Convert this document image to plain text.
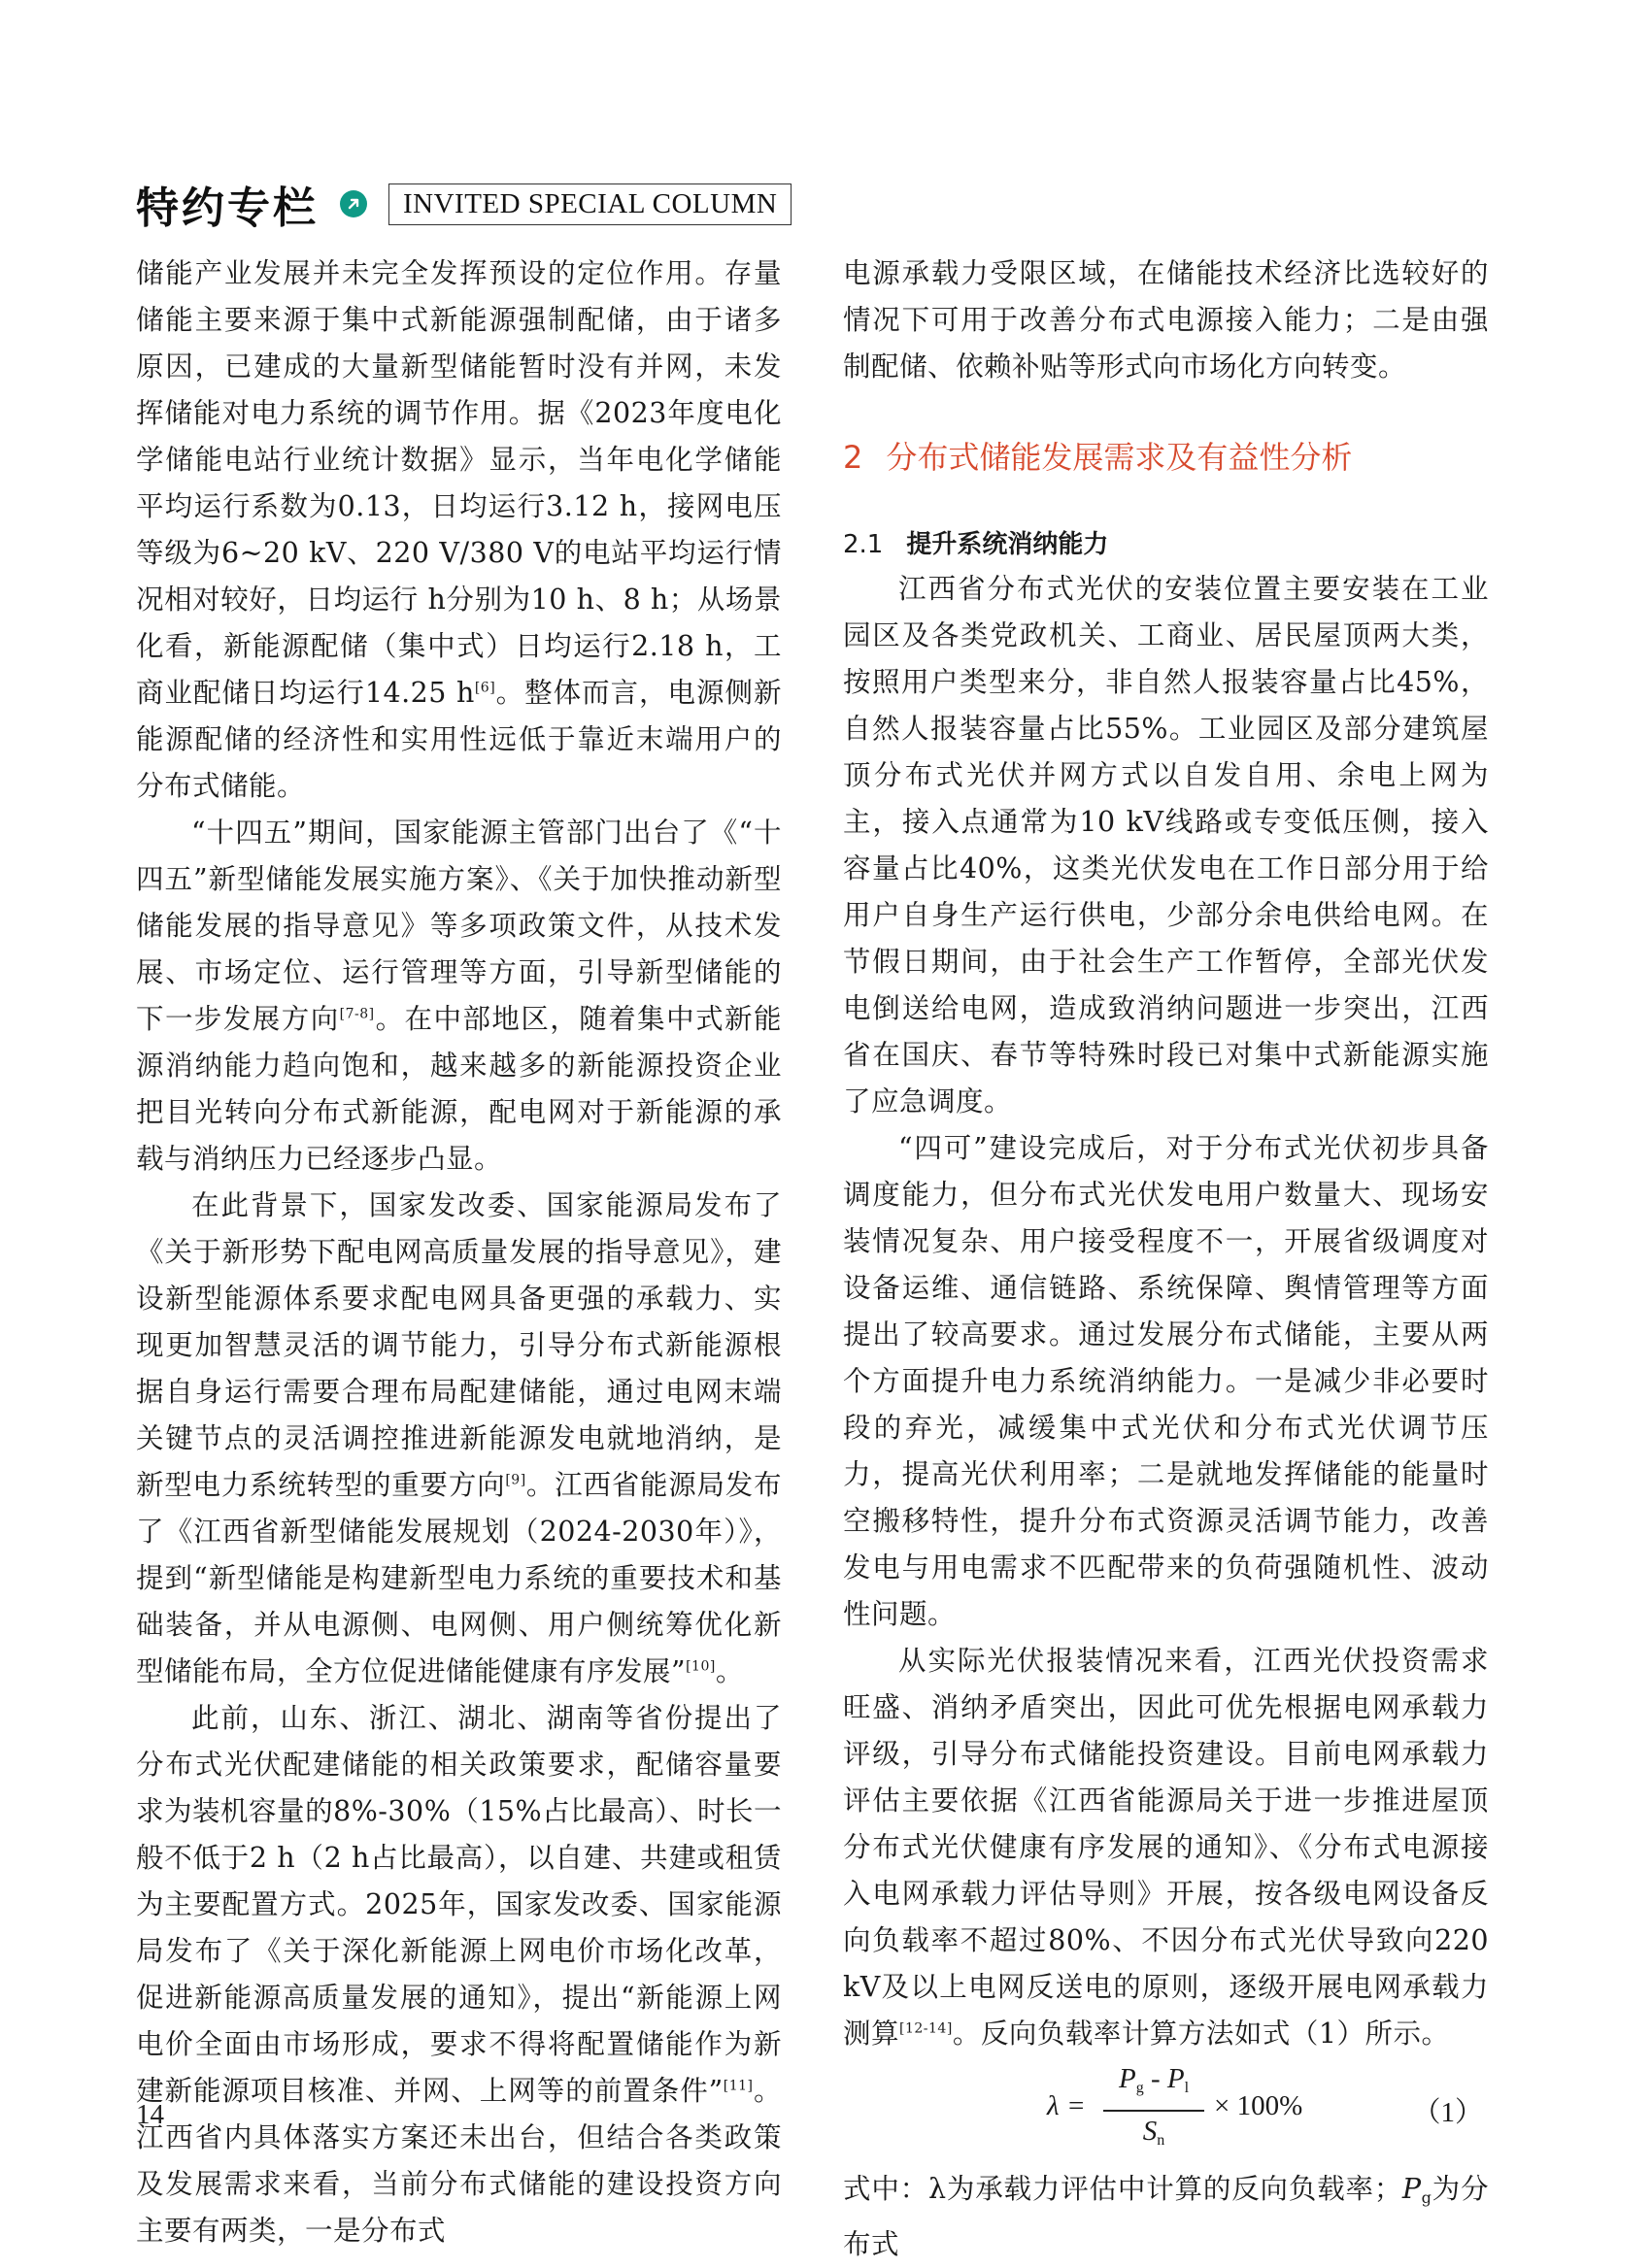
特约专栏	INVITED SPECIAL COLUMN

储能产业发展并未完全发挥预设的定位作用。存量储能主要来源于集中式新能源强制配储，由于诸多原因，已建成的大量新型储能暂时没有并网，未发挥储能对电力系统的调节作用。据《2023年度电化学储能电站行业统计数据》显示，当年电化学储能平均运行系数为0.13，日均运行3.12 h，接网电压等级为6~20 kV、220 V/380 V的电站平均运行情况相对较好，日均运行 h分别为10 h、8 h；从场景化看，新能源配储（集中式）日均运行2.18 h，工商业配储日均运行14.25 h[6]。整体而言，电源侧新能源配储的经济性和实用性远低于靠近末端用户的分布式储能。

“十四五”期间，国家能源主管部门出台了《“十四五”新型储能发展实施方案》、《关于加快推动新型储能发展的指导意见》等多项政策文件，从技术发展、市场定位、运行管理等方面，引导新型储能的下一步发展方向[7-8]。在中部地区，随着集中式新能源消纳能力趋向饱和，越来越多的新能源投资企业把目光转向分布式新能源，配电网对于新能源的承载与消纳压力已经逐步凸显。

在此背景下，国家发改委、国家能源局发布了《关于新形势下配电网高质量发展的指导意见》，建设新型能源体系要求配电网具备更强的承载力、实现更加智慧灵活的调节能力，引导分布式新能源根据自身运行需要合理布局配建储能，通过电网末端关键节点的灵活调控推进新能源发电就地消纳，是新型电力系统转型的重要方向[9]。江西省能源局发布了《江西省新型储能发展规划（2024-2030年）》，提到“新型储能是构建新型电力系统的重要技术和基础装备，并从电源侧、电网侧、用户侧统筹优化新型储能布局，全方位促进储能健康有序发展”[10]。

此前，山东、浙江、湖北、湖南等省份提出了分布式光伏配建储能的相关政策要求，配储容量要求为装机容量的8%-30%（15%占比最高）、时长一般不低于2 h（2 h占比最高），以自建、共建或租赁为主要配置方式。2025年，国家发改委、国家能源局发布了《关于深化新能源上网电价市场化改革，促进新能源高质量发展的通知》，提出“新能源上网电价全面由市场形成，要求不得将配置储能作为新建新能源项目核准、并网、上网等的前置条件”[11]。江西省内具体落实方案还未出台，但结合各类政策及发展需求来看，当前分布式储能的建设投资方向主要有两类，一是分布式

电源承载力受限区域，在储能技术经济比选较好的情况下可用于改善分布式电源接入能力；二是由强制配储、依赖补贴等形式向市场化方向转变。

2 分布式储能发展需求及有益性分析
2.1 提升系统消纳能力

江西省分布式光伏的安装位置主要安装在工业园区及各类党政机关、工商业、居民屋顶两大类，按照用户类型来分，非自然人报装容量占比45%，自然人报装容量占比55%。工业园区及部分建筑屋顶分布式光伏并网方式以自发自用、余电上网为主，接入点通常为10 kV线路或专变低压侧，接入容量占比40%，这类光伏发电在工作日部分用于给用户自身生产运行供电，少部分余电供给电网。在节假日期间，由于社会生产工作暂停，全部光伏发电倒送给电网，造成致消纳问题进一步突出，江西省在国庆、春节等特殊时段已对集中式新能源实施了应急调度。

“四可”建设完成后，对于分布式光伏初步具备调度能力，但分布式光伏发电用户数量大、现场安装情况复杂、用户接受程度不一，开展省级调度对设备运维、通信链路、系统保障、舆情管理等方面提出了较高要求。通过发展分布式储能，主要从两个方面提升电力系统消纳能力。一是减少非必要时段的弃光，减缓集中式光伏和分布式光伏调节压力，提高光伏利用率；二是就地发挥储能的能量时空搬移特性，提升分布式资源灵活调节能力，改善发电与用电需求不匹配带来的负荷强随机性、波动性问题。

从实际光伏报装情况来看，江西光伏投资需求旺盛、消纳矛盾突出，因此可优先根据电网承载力评级，引导分布式储能投资建设。目前电网承载力评估主要依据《江西省能源局关于进一步推进屋顶分布式光伏健康有序发展的通知》、《分布式电源接入电网承载力评估导则》开展，按各级电网设备反向负载率不超过80%、不因分布式光伏导致向220 kV及以上电网反送电的原则，逐级开展电网承载力测算[12-14]。反向负载率计算方法如式（1）所示。

λ =
Pg - Pl
Sn
× 100%	（1）

式中：λ为承载力评估中计算的反向负载率；Pg为分布式

14
